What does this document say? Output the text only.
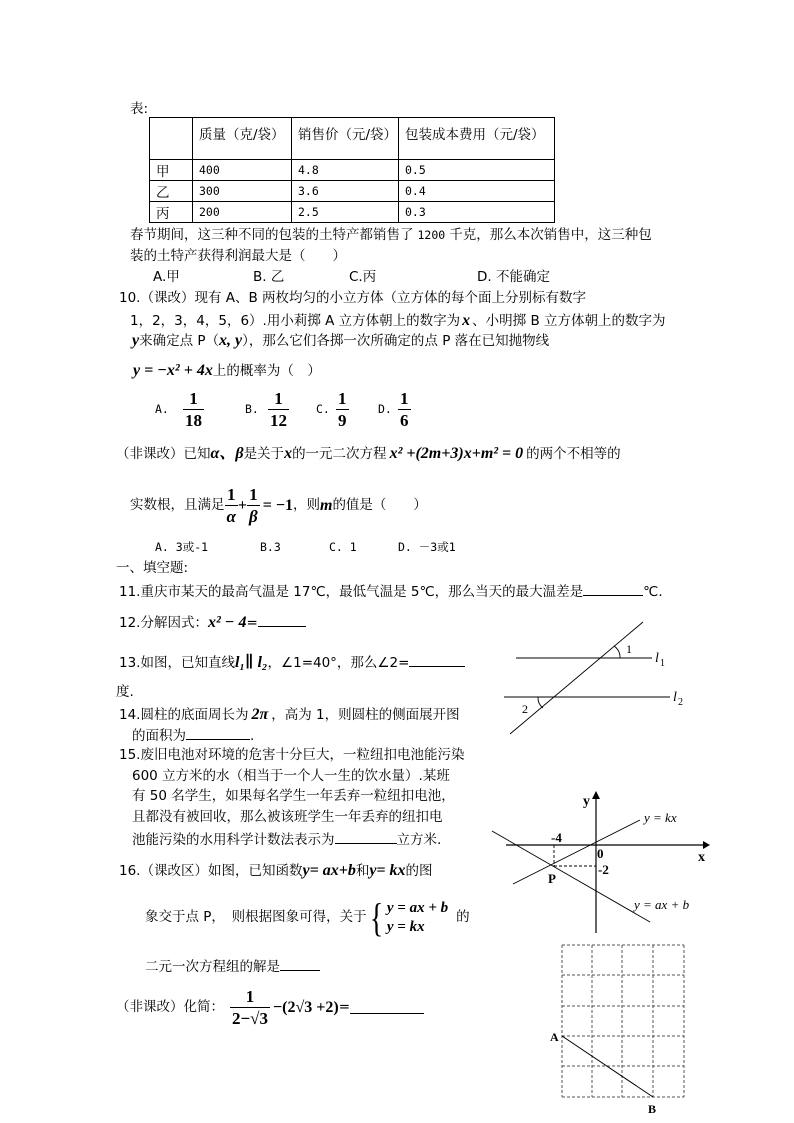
表:
	质量（克/袋）	销售价（元/袋）	包装成本费用（元/袋）
甲	400	4.8	0.5
乙	300	3.6	0.4
丙	200	2.5	0.3
春节期间，这三种不同的包装的土特产都销售了 1200 千克，那么本次销售中，这三种包
装的土特产获得利润最大是（　　）
A.甲	B. 乙	C.丙	D. 不能确定
10.（课改）现有 A、B 两枚均匀的小立方体（立方体的每个面上分别标有数字
1，2，3，4，5，6）.用小莉掷 A 立方体朝上的数字为 x 、小明掷 B 立方体朝上的数字为
y来确定点 P（x, y），那么它们各掷一次所确定的点 P 落在已知抛物线
y = −x² + 4x上的概率为（　）
A. $\frac{1}{18}$	B. $\frac{1}{12} C$. $\frac{1}{9}$	D. $\frac{1}{6}$
（非课改）已知α、β是关于x的一元二次方程 x² +(2m+3)x+m² = 0 的两个不相等的
实数根，且满足 $\frac{1}{\alpha} + \frac{1}{\beta} = -1$ ，则 m 的值是（　　）
A. 3或-1	B.3	C. 1	D. －3或1
一、填空题:
11.重庆市某天的最高气温是 17℃，最低气温是 5℃，那么当天的最大温差是	℃.
12.分解因式：x² − 4=
13.如图，已知直线l₁∥ l₂，∠1=40°，那么∠2=
度.
14.圆柱的底面周长为 2π ，高为 1，则圆柱的侧面展开图
的面积为	.
15.废旧电池对环境的危害十分巨大，一粒纽扣电池能污染
600 立方米的水（相当于一个人一生的饮水量）.某班
有 50 名学生，如果每名学生一年丢弃一粒纽扣电池，
且都没有被回收，那么被该班学生一年丢弃的纽扣电
池能污染的水用科学计数法表示为	立方米.
16.（课改区）如图，已知函数y= ax+b和y= kx的图
象交于点 P，　则根据图象可得，关于 { y = ax + b
y = kx
的
二元一次方程组的解是
（非课改）化简： $\frac{1}{2-√3} -(2√3 +2)$ =
1
2
l 1
l 2
y
x
0
-4
-2
P
y = kx
y = ax + b
A
B
